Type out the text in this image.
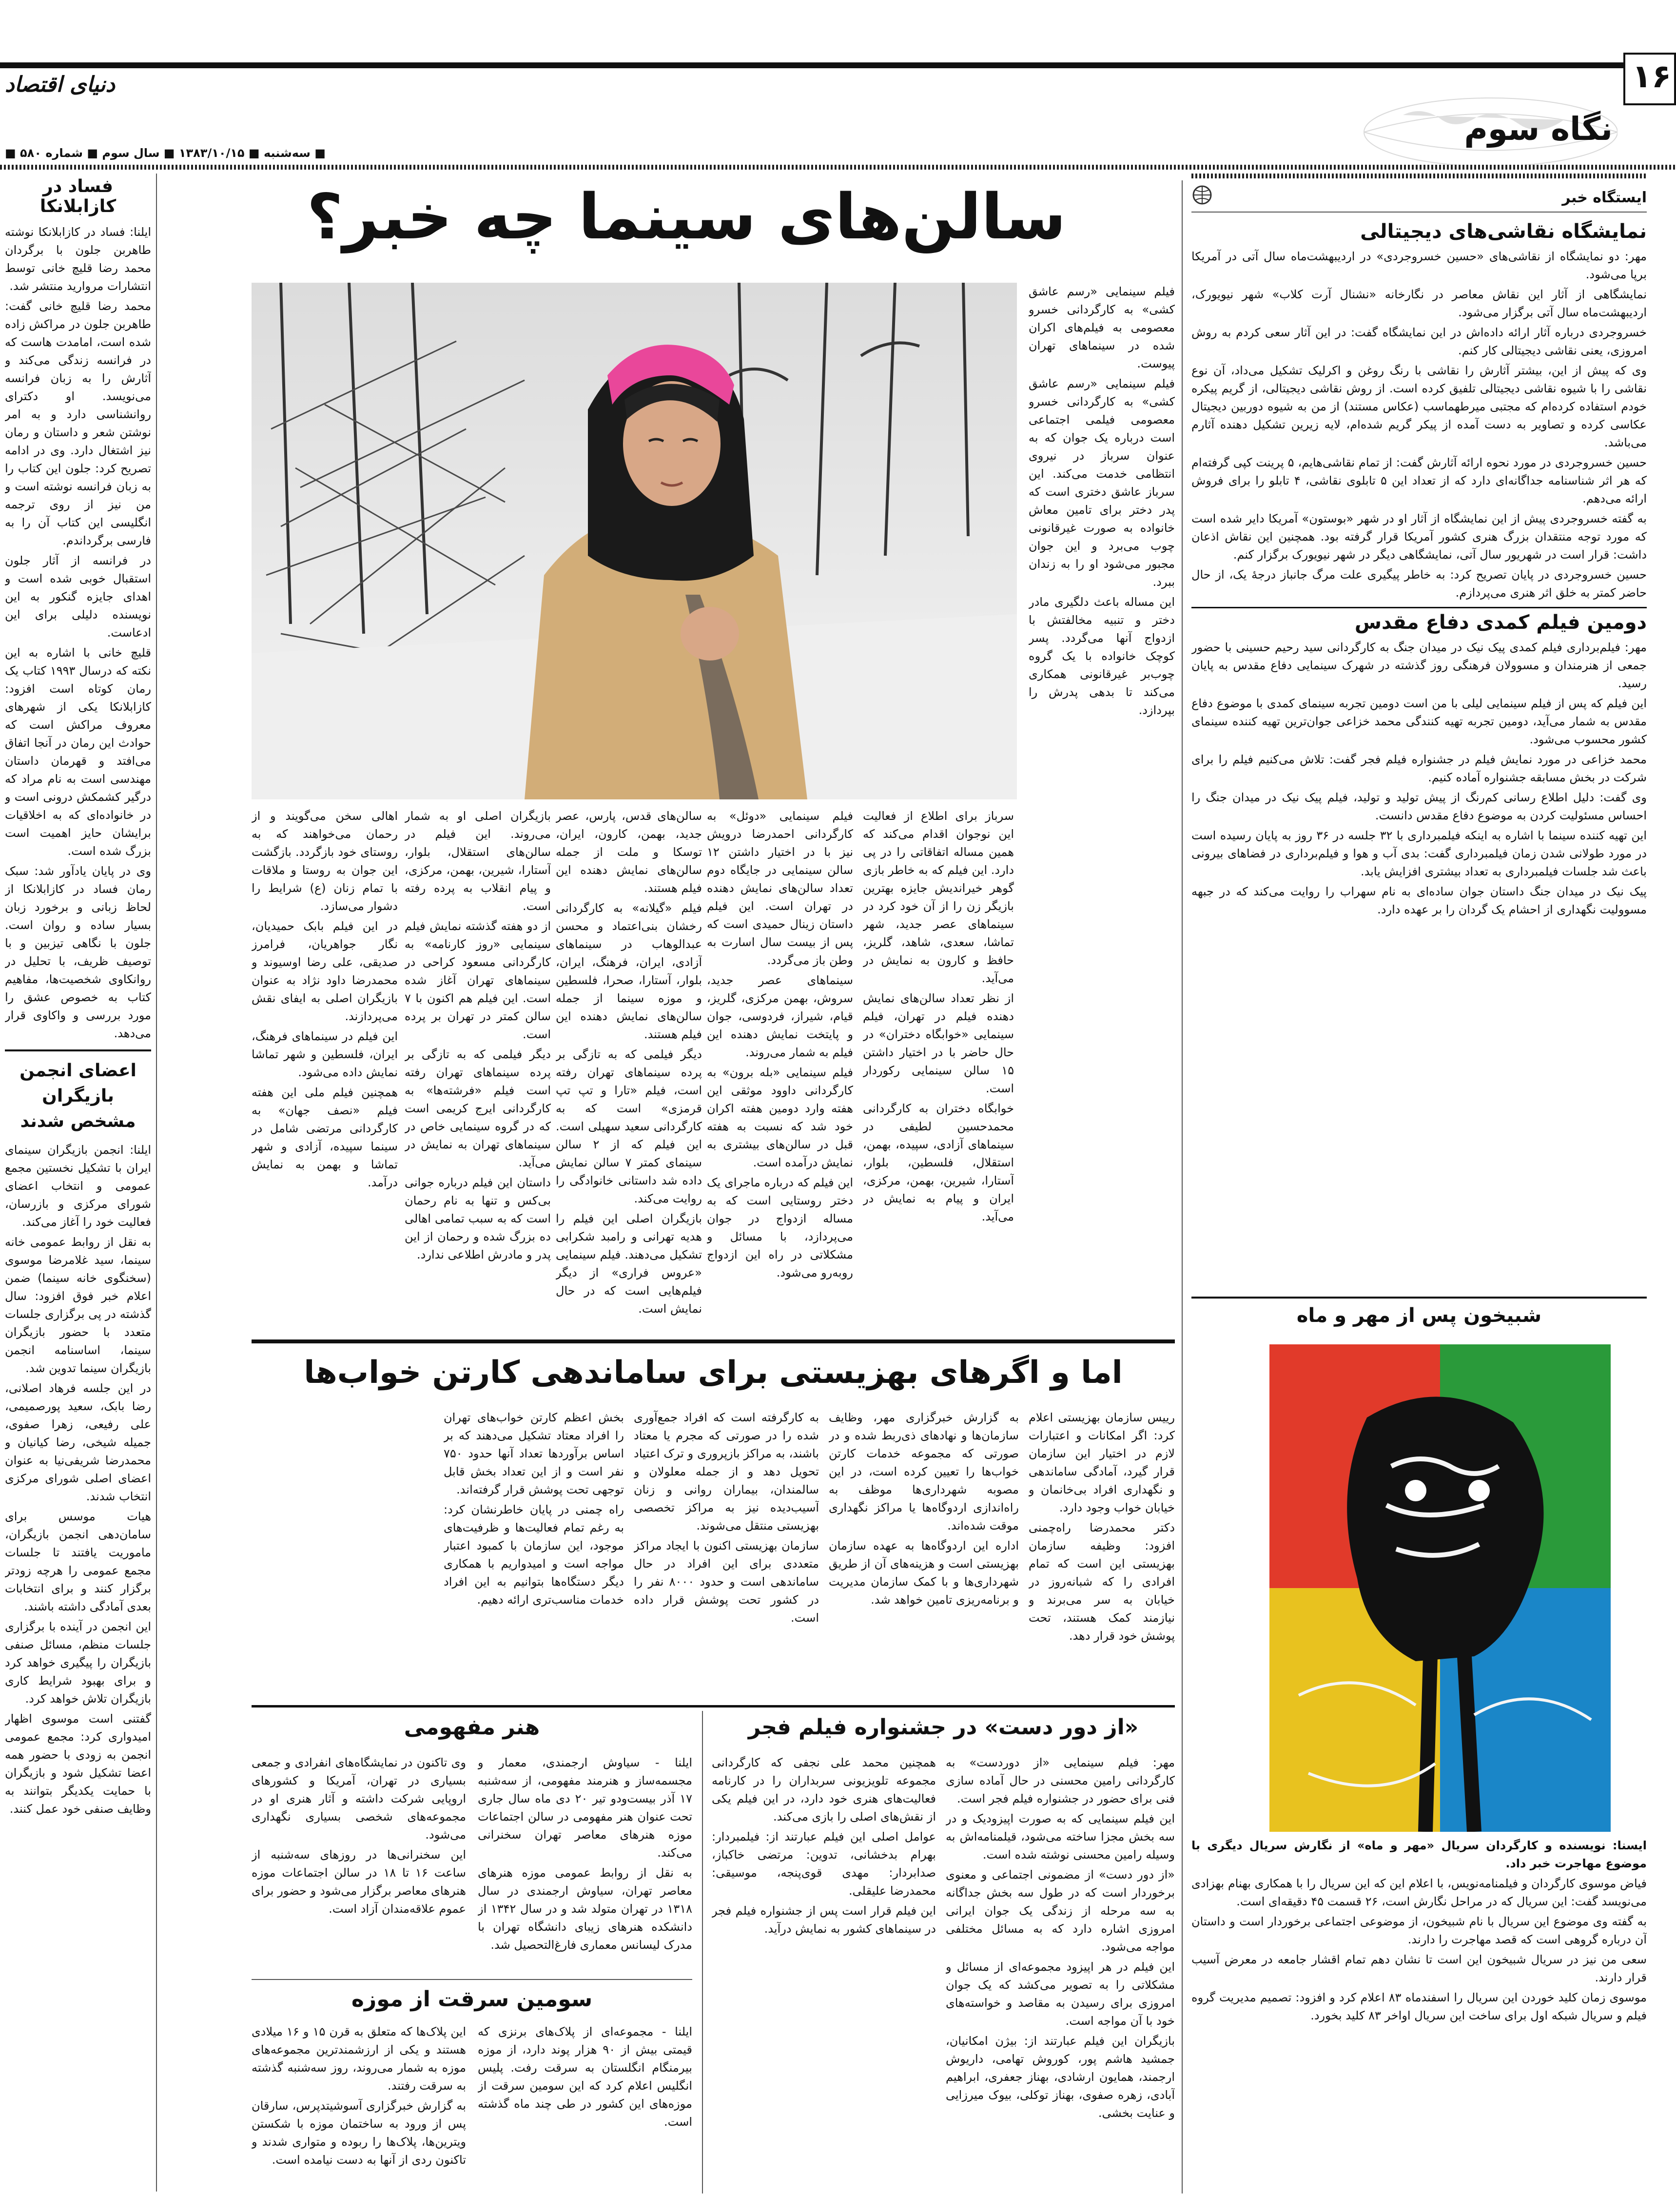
۱۶
دنیای اقتصاد
نگاه سوم
■ سه‌شنبه ■ ۱۳۸۳/۱۰/۱۵ ■ سال سوم ■ شماره ۵۸۰ ■
فساد در کازابلانکا

ایلنا: فساد در کازابلانکا نوشته طاهربن جلون با برگردان محمد رضا قلیچ خانی توسط انتشارات مروارید منتشر شد.

محمد رضا قلیچ خانی گفت: طاهربن جلون در مراکش زاده شده است، امامدت هاست که در فرانسه زندگی می‌کند و آثارش را به زبان فرانسه می‌نویسد. او دکترای روانشناسی دارد و به امر نوشتن شعر و داستان و رمان نیز اشتغال دارد. وی در ادامه تصریح کرد: جلون این کتاب را به زبان فرانسه نوشته است و من نیز از روی ترجمه انگلیسی این کتاب آن را به فارسی برگرداندم.

در فرانسه از آثار جلون استقبال خوبی شده است و اهدای جایزه گنکور به این نویسنده دلیلی برای این ادعاست.

قلیچ خانی با اشاره به این نکته که درسال ۱۹۹۳ کتاب یک رمان کوتاه است افزود: کازابلانکا یکی از شهرهای معروف مراکش است که حوادث این رمان در آنجا اتفاق می‌افتد و قهرمان داستان مهندسی است به نام مراد که درگیر کشمکش درونی است و در خانواده‌ای که به اخلاقیات برایشان حایز اهمیت است بزرگ شده است.

وی در پایان یادآور شد: سبک رمان فساد در کازابلانکا از لحاظ زبانی و برخورد زبان بسیار ساده و روان است. جلون با نگاهی تیزبین و با توصیف ظریف، با تحلیل در روانکاوی شخصیت‌ها، مفاهیم کتاب به خصوص عشق را مورد بررسی و واکاوی قرار می‌دهد.

اعضای انجمن بازیگران مشخص شدند

ایلنا: انجمن بازیگران سینمای ایران با تشکیل نخستین مجمع عمومی و انتخاب اعضای شورای مرکزی و بازرسان، فعالیت خود را آغاز می‌کند.

به نقل از روابط عمومی خانه سینما، سید غلامرضا موسوی (سخنگوی خانه سینما) ضمن اعلام خبر فوق افزود: سال گذشته در پی برگزاری جلسات متعدد با حضور بازیگران سینما، اساسنامه انجمن بازیگران سینما تدوین شد.

در این جلسه فرهاد اصلانی، رضا بابک، سعید پورصمیمی، علی رفیعی، زهرا صفوی، جمیله شیخی، رضا کیانیان و محمدرضا شریفی‌نیا به عنوان اعضای اصلی شورای مرکزی انتخاب شدند.

هیات موسس برای سامان‌دهی انجمن بازیگران، ماموریت یافتند تا جلسات مجمع عمومی را هرچه زودتر برگزار کنند و برای انتخابات بعدی آمادگی داشته باشند.

این انجمن در آینده با برگزاری جلسات منظم، مسائل صنفی بازیگران را پیگیری خواهد کرد و برای بهبود شرایط کاری بازیگران تلاش خواهد کرد.

گفتنی است موسوی اظهار امیدواری کرد: مجمع عمومی انجمن به زودی با حضور همه اعضا تشکیل شود و بازیگران با حمایت یکدیگر بتوانند به وظایف صنفی خود عمل کنند.

سالن‌های سینما چه خبر؟

فیلم سینمایی «رسم عاشق کشی» به کارگردانی خسرو معصومی به فیلم‌های اکران شده در سینماهای تهران پیوست.

فیلم سینمایی «رسم عاشق کشی» به کارگردانی خسرو معصومی فیلمی اجتماعی است درباره یک جوان که به عنوان سرباز در نیروی انتظامی خدمت می‌کند. این سرباز عاشق دختری است که پدر دختر برای تامین معاش خانواده به صورت غیرقانونی چوب می‌برد و این جوان مجبور می‌شود او را به زندان ببرد.

این مساله باعث دلگیری مادر دختر و تنبیه مخالفتش با ازدواج آنها می‌گردد. پسر کوچک خانواده با یک گروه چوب‌بر غیرقانونی همکاری می‌کند تا بدهی پدرش را بپردازد.

سرباز برای اطلاع از فعالیت این نوجوان اقدام می‌کند که همین مساله اتفاقاتی را در پی دارد. این فیلم که به خاطر بازی گوهر خیراندیش جایزه بهترین بازیگر زن را از آن خود کرد در سینماهای عصر جدید، شهر تماشا، سعدی، شاهد، گلریز، حافظ و کارون به نمایش در می‌آید.

از نظر تعداد سالن‌های نمایش دهنده فیلم در تهران، فیلم سینمایی «خوابگاه دختران» در حال حاضر با در اختیار داشتن ۱۵ سالن سینمایی رکوردار است.

خوابگاه دختران به کارگردانی محمدحسین لطیفی در سینماهای آزادی، سپیده، بهمن، استقلال، فلسطین، بلوار، آستارا، شیرین، بهمن، مرکزی، ایران و پیام به نمایش در می‌آید.

فیلم سینمایی «دوئل» به کارگردانی احمدرضا درویش نیز با در اختیار داشتن ۱۲ سالن سینمایی در جایگاه دوم تعداد سالن‌های نمایش دهنده در تهران است. این فیلم داستان زینال حمیدی است که پس از بیست سال اسارت به وطن باز می‌گردد.

سینماهای عصر جدید، سروش، بهمن مرکزی، گلریز، قیام، شیراز، فردوسی، جوان و پایتخت نمایش دهنده این فیلم به شمار می‌روند.

فیلم سینمایی «بله برون» به کارگردانی داوود موثقی این هفته وارد دومین هفته اکران خود شد که نسبت به هفته قبل در سالن‌های بیشتری به نمایش درآمده است.

این فیلم که درباره ماجرای یک دختر روستایی است که به مساله ازدواج در جوان می‌پردازد، با مسائل و مشکلاتی در راه این ازدواج روبه‌رو می‌شود.

سالن‌های قدس، پارس، عصر جدید، بهمن، کارون، ایران، توسکا و ملت از جمله سالن‌های نمایش دهنده این فیلم هستند.

فیلم «گیلانه» به کارگردانی رخشان بنی‌اعتماد و محسن عبدالوهاب در سینماهای آزادی، ایران، فرهنگ، ایران، بلوار، آستارا، صحرا، فلسطین و موزه سینما از جمله سالن‌های نمایش دهنده این فیلم هستند.

دیگر فیلمی که به تازگی بر پرده سینماهای تهران رفته است، فیلم «تارا و تپ تپ قرمزی» است که به کارگردانی سعید سهیلی است. این فیلم که از ۲ سالن سینمای کمتر ۷ سالن نمایش داده شد داستانی خانوادگی را روایت می‌کند.

بازیگران اصلی این فیلم را هدیه تهرانی و رامبد شکرابی تشکیل می‌دهند. فیلم سینمایی «عروس فراری» از دیگر فیلم‌هایی است که در حال نمایش است.

بازیگران اصلی او به شمار می‌روند. این فیلم در سالن‌های استقلال، بلوار، آستارا، شیرین، بهمن، مرکزی، و پیام انقلاب به پرده رفته است.

از دو هفته گذشته نمایش فیلم سینمایی «روز کارنامه» به کارگردانی مسعود کراحی در سینماهای تهران آغاز شده است. این فیلم هم اکنون با ۷ سالن کمتر در تهران بر پرده است.

دیگر فیلمی که به تازگی بر پرده سینماهای تهران رفته است فیلم «فرشته‌ها» به کارگردانی ایرج کریمی است که در گروه سینمایی خاص در سینماهای تهران به نمایش در می‌آید.

داستان این فیلم درباره جوانی بی‌کس و تنها به نام رحمان است که به سبب تمامی اهالی ده بزرگ شده و رحمان از این پدر و مادرش اطلاعی ندارد.

اهالی سخن می‌گویند و از رحمان می‌خواهند که به روستای خود بازگردد. بازگشت این جوان به روستا و ملاقات با تمام زنان (ع) شرایط را دشوار می‌سازد.

در این فیلم بابک حمیدیان، نگار جواهریان، فرامرز صدیقی، علی رضا اوسیوند و محمدرضا داود نژاد به عنوان بازیگران اصلی به ایفای نقش می‌پردازند.

این فیلم در سینماهای فرهنگ، ایران، فلسطین و شهر تماشا نمایش داده می‌شود.

همچنین فیلم ملی این هفته فیلم «نصف جهان» به کارگردانی مرتضی شامل در سینما سپیده، آزادی و شهر تماشا و بهمن به نمایش درآمد.

اما و اگرهای بهزیستی برای ساماندهی کارتن خواب‌ها

رییس سازمان بهزیستی اعلام کرد: اگر امکانات و اعتبارات لازم در اختیار این سازمان قرار گیرد، آمادگی ساماندهی و نگهداری افراد بی‌خانمان و خیابان خواب وجود دارد.

دکتر محمدرضا راه‌چمنی افزود: وظیفه سازمان بهزیستی این است که تمام افرادی را که شبانه‌روز در خیابان به سر می‌برند و نیازمند کمک هستند، تحت پوشش خود قرار دهد.

به گزارش خبرگزاری مهر، وظایف سازمان‌ها و نهادهای ذی‌ربط شده و در صورتی که مجموعه خدمات کارتن خواب‌ها را تعیین کرده است، در این مصوبه شهرداری‌ها موظف به راه‌اندازی اردوگاه‌ها یا مراکز نگهداری موقت شده‌اند.

اداره این اردوگاه‌ها به عهده سازمان بهزیستی است و هزینه‌های آن از طریق شهرداری‌ها و با کمک سازمان مدیریت و برنامه‌ریزی تامین خواهد شد.

به کارگرفته است که افراد جمع‌آوری شده را در صورتی که مجرم یا معتاد باشند، به مراکز بازپروری و ترک اعتیاد تحویل دهد و از جمله معلولان و سالمندان، بیماران روانی و زنان آسیب‌دیده نیز به مراکز تخصصی بهزیستی منتقل می‌شوند.

سازمان بهزیستی اکنون با ایجاد مراکز متعددی برای این افراد در حال ساماندهی است و حدود ۸۰۰۰ نفر را در کشور تحت پوشش قرار داده است.

بخش اعظم کارتن خواب‌های تهران را افراد معتاد تشکیل می‌دهند که بر اساس برآوردها تعداد آنها حدود ۷۵۰ نفر است و از این تعداد بخش قابل توجهی تحت پوشش قرار گرفته‌اند.

راه چمنی در پایان خاطرنشان کرد: به رغم تمام فعالیت‌ها و ظرفیت‌های موجود، این سازمان با کمبود اعتبار مواجه است و امیدواریم با همکاری دیگر دستگاه‌ها بتوانیم به این افراد خدمات مناسب‌تری ارائه دهیم.

«از دور دست» در جشنواره فیلم فجر

مهر: فیلم سینمایی «از دوردست» به کارگردانی رامین محسنی در حال آماده سازی فنی برای حضور در جشنواره فیلم فجر است.

این فیلم سینمایی که به صورت اپیزودیک و در سه بخش مجزا ساخته می‌شود، قیلمنامه‌اش به وسیله رامین محسنی نوشته شده است.

«از دور دست» از مضمونی اجتماعی و معنوی برخوردار است که در طول سه بخش جداگانه به سه مرحله از زندگی یک جوان ایرانی امروزی اشاره دارد که به مسائل مختلفی مواجه می‌شود.

این فیلم در هر اپیزود مجموعه‌ای از مسائل و مشکلاتی را به تصویر می‌کشد که یک جوان امروزی برای رسیدن به مقاصد و خواسته‌های خود با آن مواجه است.

بازیگران این فیلم عبارتند از: بیژن امکانیان، جمشید هاشم پور، کوروش تهامی، داریوش ارجمند، همایون ارشادی، بهناز جعفری، ابراهیم آبادی، زهره صفوی، بهناز توکلی، بیوک میرزایی و عنایت بخشی.

همچنین محمد علی نجفی که کارگردانی مجموعه تلویزیونی سربداران را در کارنامه فعالیت‌های هنری خود دارد، در این فیلم یکی از نقش‌های اصلی را بازی می‌کند.

عوامل اصلی این فیلم عبارتند از: فیلمبردار: بهرام بدخشانی، تدوین: مرتضی خاکباز، صدابردار: مهدی قوی‌پنجه، موسیقی: محمدرضا علیقلی.

این فیلم قرار است پس از جشنواره فیلم فجر در سینماهای کشور به نمایش درآید.

هنر مفهومی

ایلنا - سیاوش ارجمندی، معمار و مجسمه‌ساز و هنرمند مفهومی، از سه‌شنبه ۱۷ آذر بیست‌ودو تیر ۲۰ دی ماه سال جاری تحت عنوان هنر مفهومی در سالن اجتماعات موزه هنرهای معاصر تهران سخنرانی می‌کند.

به نقل از روابط عمومی موزه هنرهای معاصر تهران، سیاوش ارجمندی در سال ۱۳۱۸ در تهران متولد شد و در سال ۱۳۴۲ از دانشکده هنرهای زیبای دانشگاه تهران با مدرک لیسانس معماری فارغ‌التحصیل شد.

وی تاکنون در نمایشگاه‌های انفرادی و جمعی بسیاری در تهران، آمریکا و کشورهای اروپایی شرکت داشته و آثار هنری او در مجموعه‌های شخصی بسیاری نگهداری می‌شود.

این سخنرانی‌ها در روزهای سه‌شنبه از ساعت ۱۶ تا ۱۸ در سالن اجتماعات موزه هنرهای معاصر برگزار می‌شود و حضور برای عموم علاقه‌مندان آزاد است.

سومین سرقت از موزه

ایلنا - مجموعه‌ای از پلاک‌های برنزی که قیمتی بیش از ۹۰ هزار پوند دارد، از موزه بیرمنگام انگلستان به سرقت رفت. پلیس انگلیس اعلام کرد که این سومین سرقت از موزه‌های این کشور در طی چند ماه گذشته است.

این پلاک‌ها که متعلق به قرن ۱۵ و ۱۶ میلادی هستند و یکی از ارزشمندترین مجموعه‌های موزه به شمار می‌روند، روز سه‌شنبه گذشته به سرقت رفتند.

به گزارش خبرگزاری آسوشیتدپرس، سارقان پس از ورود به ساختمان موزه با شکستن ویترین‌ها، پلاک‌ها را ربوده و متواری شدند و تاکنون ردی از آنها به دست نیامده است.

ایستگاه خبر
نمایشگاه نقاشی‌های دیجیتالی

مهر: دو نمایشگاه از نقاشی‌های «حسین خسروجردی» در اردیبهشت‌ماه سال آتی در آمریکا برپا می‌شود.

نمایشگاهی از آثار این نقاش معاصر در نگارخانه «نشنال آرت کلاب» شهر نیویورک، اردیبهشت‌ماه سال آتی برگزار می‌شود.

خسروجردی درباره آثار ارائه داده‌اش در این نمایشگاه گفت: در این آثار سعی کردم به روش امروزی، یعنی نقاشی دیجیتالی کار کنم.

وی که پیش از این، بیشتر آثارش را نقاشی با رنگ روغن و اکرلیک تشکیل می‌داد، آن نوع نقاشی را با شیوه نقاشی دیجیتالی تلفیق کرده است. از روش نقاشی دیجیتالی، از گریم پیکره خودم استفاده کرده‌ام که مجتبی میرطهماسب (عکاس مستند) از من به شیوه دوربین دیجیتال عکاسی کرده و تصاویر به دست آمده از پیکر گریم شده‌ام، لایه زیرین تشکیل دهنده آثارم می‌باشد.

حسین خسروجردی در مورد نحوه ارائه آثارش گفت: از تمام نقاشی‌هایم، ۵ پرینت کپی گرفته‌ام که هر اثر شناسنامه جداگانه‌ای دارد که از تعداد این ۵ تابلوی نقاشی، ۴ تابلو را برای فروش ارائه می‌دهم.

به گفته خسروجردی پیش از این نمایشگاه از آثار او در شهر «بوستون» آمریکا دایر شده است که مورد توجه منتقدان بزرگ هنری کشور آمریکا قرار گرفته بود. همچنین این نقاش اذعان داشت: قرار است در شهریور سال آتی، نمایشگاهی دیگر در شهر نیویورک برگزار کنم.

حسین خسروجردی در پایان تصریح کرد: به خاطر پیگیری علت مرگ جانباز درجهٔ یک، از حال حاضر کمتر به خلق اثر هنری می‌پردازم.

دومین فیلم کمدی دفاع مقدس

مهر: فیلم‌برداری فیلم کمدی پیک نیک در میدان جنگ به کارگردانی سید رحیم حسینی با حضور جمعی از هنرمندان و مسوولان فرهنگی روز گذشته در شهرک سینمایی دفاع مقدس به پایان رسید.

این فیلم که پس از فیلم سینمایی لیلی با من است دومین تجربه سینمای کمدی با موضوع دفاع مقدس به شمار می‌آید، دومین تجربه تهیه کنندگی محمد خزاعی جوان‌ترین تهیه کننده سینمای کشور محسوب می‌شود.

محمد خزاعی در مورد نمایش فیلم در جشنواره فیلم فجر گفت: تلاش می‌کنیم فیلم را برای شرکت در بخش مسابقه جشنواره آماده کنیم.

وی گفت: دلیل اطلاع رسانی کم‌رنگ از پیش تولید و تولید، فیلم پیک نیک در میدان جنگ را احساس مسئولیت کردن به موضوع دفاع مقدس دانست.

این تهیه کننده سینما با اشاره به اینکه فیلمبرداری با ۳۲ جلسه در ۳۶ روز به پایان رسیده است در مورد طولانی شدن زمان فیلمبرداری گفت: بدی آب و هوا و فیلم‌برداری در فضاهای بیرونی باعث شد جلسات فیلمبرداری به تعداد بیشتری افزایش یابد.

پیک نیک در میدان جنگ داستان جوان ساده‌ای به نام سهراب را روایت می‌کند که در جبهه مسوولیت نگهداری از احشام یک گردان را بر عهده دارد.

شبیخون پس از مهر و ماه

ایسنا: نویسنده و کارگردان سریال «مهر و ماه» از نگارش سریال دیگری با موضوع مهاجرت خبر داد.

فیاض موسوی کارگردان و فیلمنامه‌نویس، با اعلام این که این سریال را با همکاری بهنام بهزادی می‌نویسد گفت: این سریال که در مراحل نگارش است، ۲۶ قسمت ۴۵ دقیقه‌ای است.

به گفته وی موضوع این سریال با نام شبیخون، از موضوعی اجتماعی برخوردار است و داستان آن درباره گروهی است که قصد مهاجرت را دارند.

سعی من نیز در سریال شبیخون این است تا نشان دهم تمام اقشار جامعه در معرض آسیب قرار دارند.

موسوی زمان کلید خوردن این سریال را اسفندماه ۸۳ اعلام کرد و افزود: تصمیم مدیریت گروه فیلم و سریال شبکه اول برای ساخت این سریال اواخر ۸۳ کلید بخورد.
